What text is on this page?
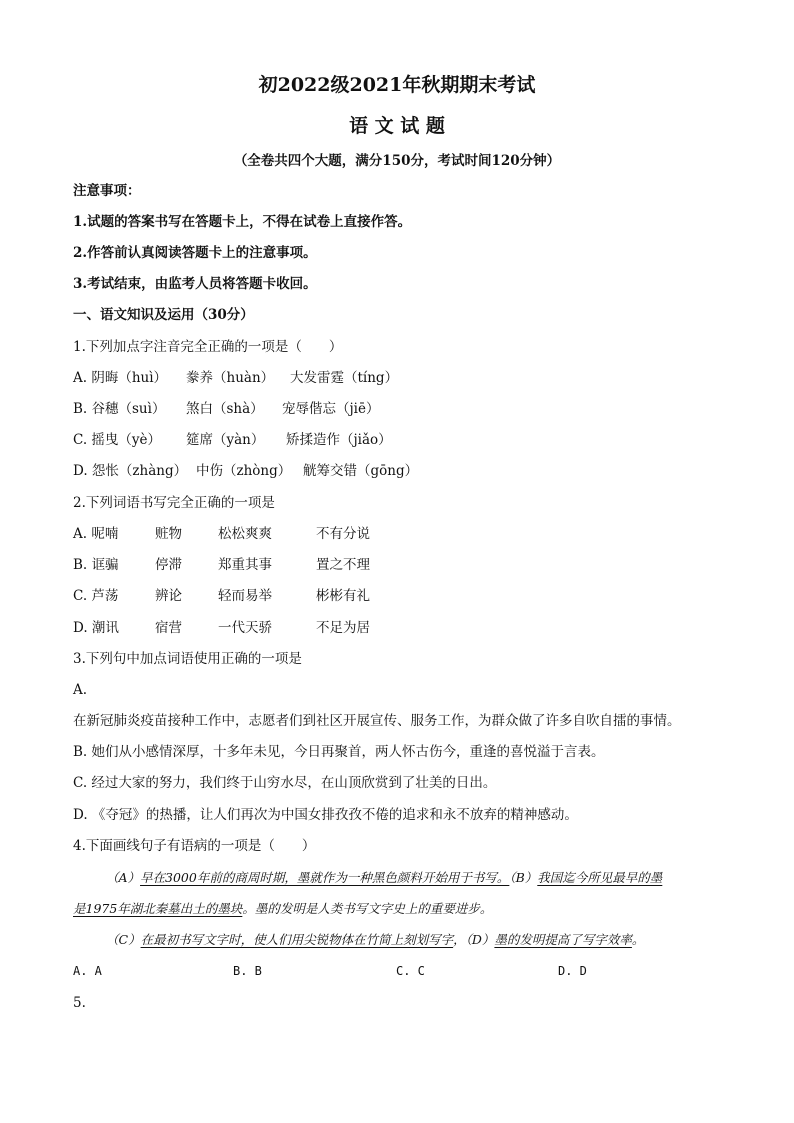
初2022级2021年秋期期末考试
语 文 试 题
（全卷共四个大题，满分150分，考试时间120分钟）
注意事项：
1.试题的答案书写在答题卡上，不得在试卷上直接作答。
2.作答前认真阅读答题卡上的注意事项。
3.考试结束，由监考人员将答题卡收回。
一、语文知识及运用（30分）
1.下列加点字注音完全正确的一项是（　　）
A. 阴晦（huì） 豢养（huàn） 大发雷霆（tíng）
B. 谷穗（suì） 煞白（shà） 宠辱偕忘（jiē）
C. 摇曳（yè） 筵席（yàn） 矫揉造作（jiǎo）
D. 怨怅（zhàng） 中伤（zhòng） 觥筹交错（gōng）
2.下列词语书写完全正确的一项是
A. 呢喃	赃物	松松爽爽	不有分说
B. 诓骗	停滞	郑重其事	置之不理
C. 芦荡	辨论	轻而易举	彬彬有礼
D. 潮讯	宿营	一代天骄	不足为居
3.下列句中加点词语使用正确的一项是
A.
在新冠肺炎疫苗接种工作中，志愿者们到社区开展宣传、服务工作，为群众做了许多自吹自擂的事情。
B. 她们从小感情深厚，十多年未见，今日再聚首，两人怀古伤今，重逢的喜悦溢于言表。
C. 经过大家的努力，我们终于山穷水尽，在山顶欣赏到了壮美的日出。
D. 《夺冠》的热播，让人们再次为中国女排孜孜不倦的追求和永不放弃的精神感动。
4.下面画线句子有语病的一项是（　　）
（A）早在3000年前的商周时期，墨就作为一种黑色颜料开始用于书写。（B）我国迄今所见最早的墨
是1975年湖北秦墓出土的墨块。墨的发明是人类书写文字史上的重要进步。
（C）在最初书写文字时，使人们用尖锐物体在竹简上刻划写字，（D）墨的发明提高了写字效率。
A. A	B. B	C. C	D. D
5.
